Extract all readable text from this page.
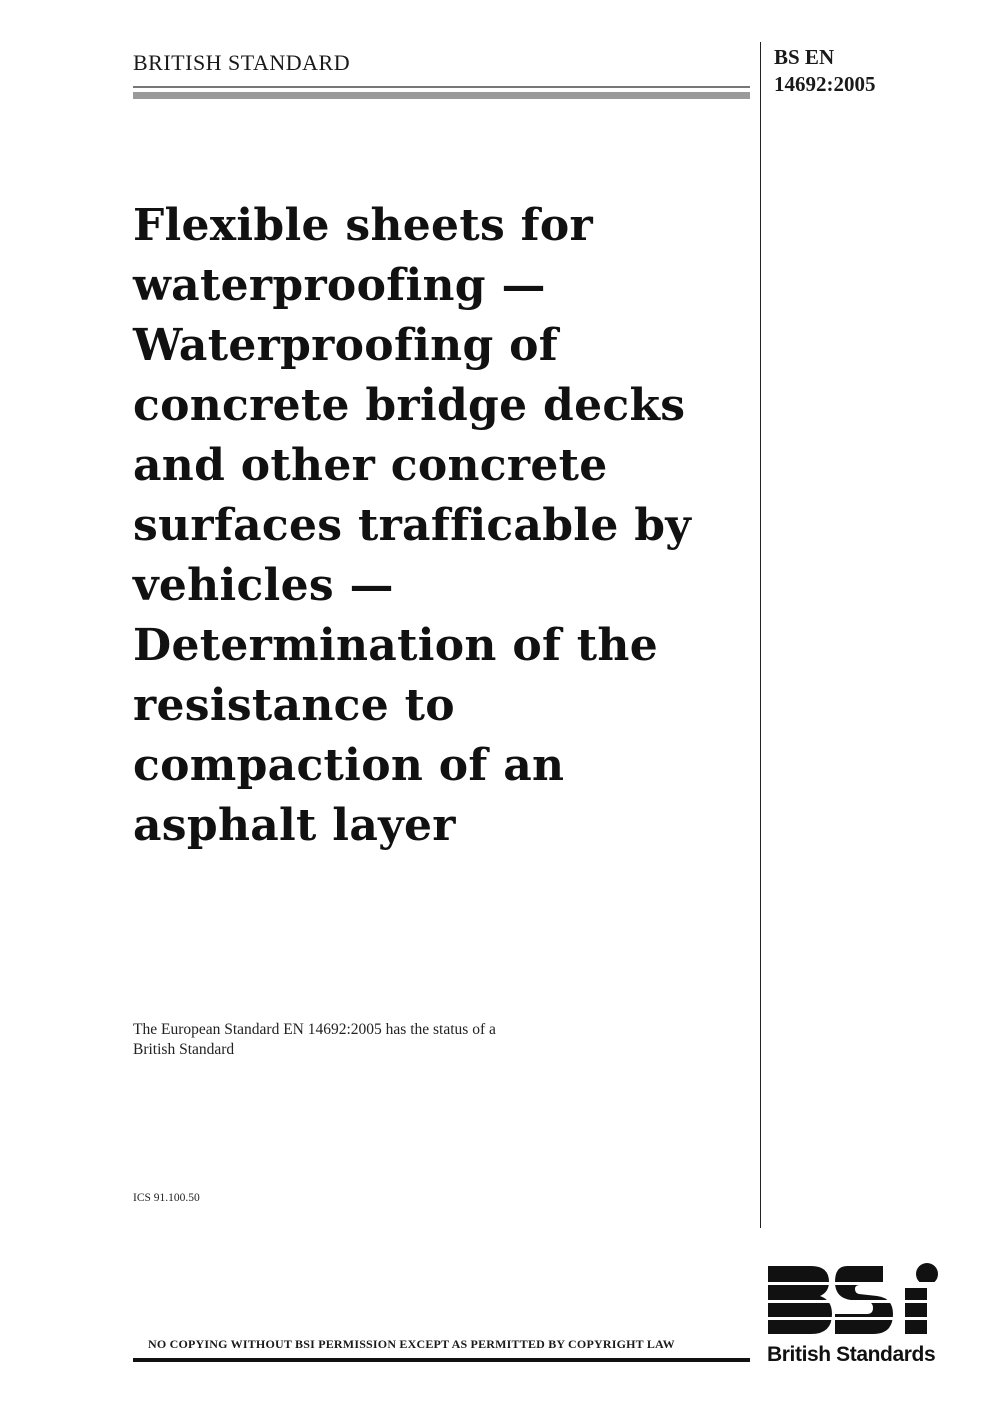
BRITISH STANDARD	BS EN
14692:2005
Flexible sheets for
waterproofing —
Waterproofing of
concrete bridge decks
and other concrete
surfaces trafficable by
vehicles —
Determination of the
resistance to
compaction of an
asphalt layer
The European Standard EN 14692:2005 has the status of a
British Standard
ICS 91.100.50
NO COPYING WITHOUT BSI PERMISSION EXCEPT AS PERMITTED BY COPYRIGHT LAW	British Standards
